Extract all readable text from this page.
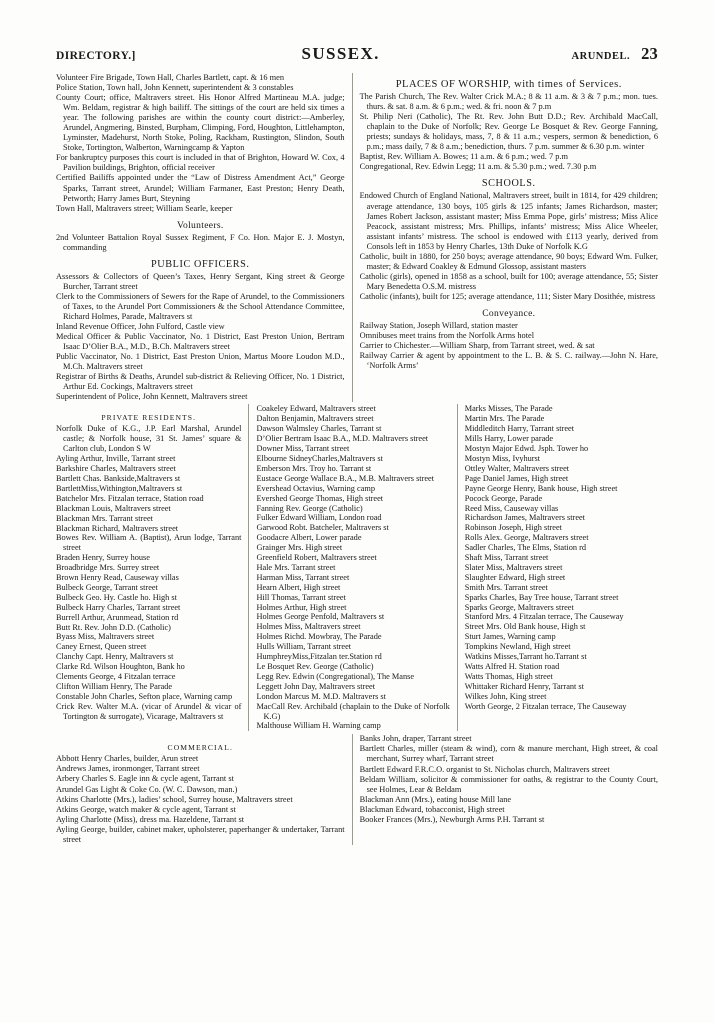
DIRECTORY.]	SUSSEX.	ARUNDEL. 23

Volunteer Fire Brigade, Town Hall, Charles Bartlett, capt. & 16 men

Police Station, Town hall, John Kennett, superintendent & 3 constables

County Court; office, Maltravers street. His Honor Alfred Martineau M.A. judge; Wm. Beldam, registrar & high bailiff. The sittings of the court are held six times a year. The following parishes are within the county court district:—Amberley, Arundel, Angmering, Binsted, Burpham, Climping, Ford, Houghton, Littlehampton, Lyminster, Madehurst, North Stoke, Poling, Rackham, Rustington, Slindon, South Stoke, Tortington, Walberton, Warningcamp & Yapton

For bankruptcy purposes this court is included in that of Brighton, Howard W. Cox, 4 Pavilion buildings, Brighton, official receiver

Certified Bailiffs appointed under the “Law of Distress Amendment Act,” George Sparks, Tarrant street, Arundel; William Farmaner, East Preston; Henry Death, Petworth; Harry James Burt, Steyning

Town Hall, Maltravers street; William Searle, keeper

Volunteers.

2nd Volunteer Battalion Royal Sussex Regiment, F Co. Hon. Major E. J. Mostyn, commanding

PUBLIC OFFICERS.

Assessors & Collectors of Queen’s Taxes, Henry Sergant, King street & George Burcher, Tarrant street

Clerk to the Commissioners of Sewers for the Rape of Arundel, to the Commissioners of Taxes, to the Arundel Port Commissioners & the School Attendance Committee, Richard Holmes, Parade, Maltravers st

Inland Revenue Officer, John Fulford, Castle view

Medical Officer & Public Vaccinator, No. 1 District, East Preston Union, Bertram Isaac D’Olier B.A., M.D., B.Ch. Maltravers street

Public Vaccinator, No. 1 District, East Preston Union, Martus Moore Loudon M.D., M.Ch. Maltravers street

Registrar of Births & Deaths, Arundel sub-district & Relieving Officer, No. 1 District, Arthur Ed. Cockings, Maltravers street

Superintendent of Police, John Kennett, Maltravers street

PLACES OF WORSHIP, with times of Services.

The Parish Church, The Rev. Walter Crick M.A.; 8 & 11 a.m. & 3 & 7 p.m.; mon. tues. thurs. & sat. 8 a.m. & 6 p.m.; wed. & fri. noon & 7 p.m

St. Philip Neri (Catholic), The Rt. Rev. John Butt D.D.; Rev. Archibald MacCall, chaplain to the Duke of Norfolk; Rev. George Le Bosquet & Rev. George Fanning, priests; sundays & holidays, mass, 7, 8 & 11 a.m.; vespers, sermon & benediction, 6 p.m.; mass daily, 7 & 8 a.m.; benediction, thurs. 7 p.m. summer & 6.30 p.m. winter

Baptist, Rev. William A. Bowes; 11 a.m. & 6 p.m.; wed. 7 p.m

Congregational, Rev. Edwin Legg; 11 a.m. & 5.30 p.m.; wed. 7.30 p.m

SCHOOLS.

Endowed Church of England National, Maltravers street, built in 1814, for 429 children; average attendance, 130 boys, 105 girls & 125 infants; James Richardson, master; James Robert Jackson, assistant master; Miss Emma Pope, girls’ mistress; Miss Alice Peacock, assistant mistress; Mrs. Phillips, infants’ mistress; Miss Alice Wheeler, assistant infants’ mistress. The school is endowed with £113 yearly, derived from Consols left in 1853 by Henry Charles, 13th Duke of Norfolk K.G

Catholic, built in 1880, for 250 boys; average attendance, 90 boys; Edward Wm. Fulker, master; & Edward Coakley & Edmund Glossop, assistant masters

Catholic (girls), opened in 1858 as a school, built for 100; average attendance, 55; Sister Mary Benedetta O.S.M. mistress

Catholic (infants), built for 125; average attendance, 111; Sister Mary Dosithée, mistress

Conveyance.

Railway Station, Joseph Willard, station master

Omnibuses meet trains from the Norfolk Arms hotel

Carrier to Chichester.—William Sharp, from Tarrant street, wed. & sat

Railway Carrier & agent by appointment to the L. B. & S. C. railway.—John N. Hare, ‘Norfolk Arms’

PRIVATE RESIDENTS.

Norfolk Duke of K.G., J.P. Earl Marshal, Arundel castle; & Norfolk house, 31 St. James’ square & Carlton club, London S W

Ayling Arthur, Inville, Tarrant street

Barkshire Charles, Maltravers street

Bartlett Chas. Bankside,Maltravers st

BartlettMiss,Withington,Maltravers st

Batchelor Mrs. Fitzalan terrace, Station road

Blackman Louis, Maltravers street

Blackman Mrs. Tarrant street

Blackman Richard, Maltravers street

Bowes Rev. William A. (Baptist), Arun lodge, Tarrant street

Braden Henry, Surrey house

Broadbridge Mrs. Surrey street

Brown Henry Read, Causeway villas

Bulbeck George, Tarrant street

Bulbeck Geo. Hy. Castle ho. High st

Bulbeck Harry Charles, Tarrant street

Burrell Arthur, Arunmead, Station rd

Butt Rt. Rev. John D.D. (Catholic)

Byass Miss, Maltravers street

Caney Ernest, Queen street

Clanchy Capt. Henry, Maltravers st

Clarke Rd. Wilson Houghton, Bank ho

Clements George, 4 Fitzalan terrace

Clifton William Henry, The Parade

Constable John Charles, Sefton place, Warning camp

Crick Rev. Walter M.A. (vicar of Arundel & vicar of Tortington & surrogate), Vicarage, Maltravers st

Coakeley Edward, Maltravers street

Dalton Benjamin, Maltravers street

Dawson Walmsley Charles, Tarrant st

D’Olier Bertram Isaac B.A., M.D. Maltravers street

Downer Miss, Tarrant street

Elbourne SidneyCharles,Maltravers st

Emberson Mrs. Troy ho. Tarrant st

Eustace George Wallace B.A., M.B. Maltravers street

Evershead Octavius, Warning camp

Evershed George Thomas, High street

Fanning Rev. George (Catholic)

Fulker Edward William, London road

Garwood Robt. Batcheler, Maltravers st

Goodacre Albert, Lower parade

Grainger Mrs. High street

Greenfield Robert, Maltravers street

Hale Mrs. Tarrant street

Harman Miss, Tarrant street

Hearn Albert, High street

Hill Thomas, Tarrant street

Holmes Arthur, High street

Holmes George Penfold, Maltravers st

Holmes Miss, Maltravers street

Holmes Richd. Mowbray, The Parade

Hulls William, Tarrant street

HumphreyMiss,Fitzalan ter.Station rd

Le Bosquet Rev. George (Catholic)

Legg Rev. Edwin (Congregational), The Manse

Leggett John Day, Maltravers street

London Marcus M. M.D. Maltravers st

MacCall Rev. Archibald (chaplain to the Duke of Norfolk K.G)

Malthouse William H. Warning camp

Marks Misses, The Parade

Martin Mrs. The Parade

Middleditch Harry, Tarrant street

Mills Harry, Lower parade

Mostyn Major Edwd. Jsph. Tower ho

Mostyn Miss, Ivyhurst

Ottley Walter, Maltravers street

Page Daniel James, High street

Payne George Henry, Bank house, High street

Pocock George, Parade

Reed Miss, Causeway villas

Richardson James, Maltravers street

Robinson Joseph, High street

Rolls Alex. George, Maltravers street

Sadler Charles, The Elms, Station rd

Shaft Miss, Tarrant street

Slater Miss, Maltravers street

Slaughter Edward, High street

Smith Mrs. Tarrant street

Sparks Charles, Bay Tree house, Tarrant street

Sparks George, Maltravers street

Stanford Mrs. 4 Fitzalan terrace, The Causeway

Street Mrs. Old Bank house, High st

Sturt James, Warning camp

Tompkins Newland, High street

Watkins Misses,Tarrant ho.Tarrant st

Watts Alfred H. Station road

Watts Thomas, High street

Whittaker Richard Henry, Tarrant st

Wilkes John, King street

Worth George, 2 Fitzalan terrace, The Causeway

COMMERCIAL.

Abbott Henry Charles, builder, Arun street

Andrews James, ironmonger, Tarrant street

Arbery Charles S. Eagle inn & cycle agent, Tarrant st

Arundel Gas Light & Coke Co. (W. C. Dawson, man.)

Atkins Charlotte (Mrs.), ladies’ school, Surrey house, Maltravers street

Atkins George, watch maker & cycle agent, Tarrant st

Ayling Charlotte (Miss), dress ma. Hazeldene, Tarrant st

Ayling George, builder, cabinet maker, upholsterer, paperhanger & undertaker, Tarrant street

Banks John, draper, Tarrant street

Bartlett Charles, miller (steam & wind), corn & manure merchant, High street, & coal merchant, Surrey wharf, Tarrant street

Bartlett Edward F.R.C.O. organist to St. Nicholas church, Maltravers street

Beldam William, solicitor & commissioner for oaths, & registrar to the County Court, see Holmes, Lear & Beldam

Blackman Ann (Mrs.), eating house Mill lane

Blackman Edward, tobacconist, High street

Booker Frances (Mrs.), Newburgh Arms P.H. Tarrant st
